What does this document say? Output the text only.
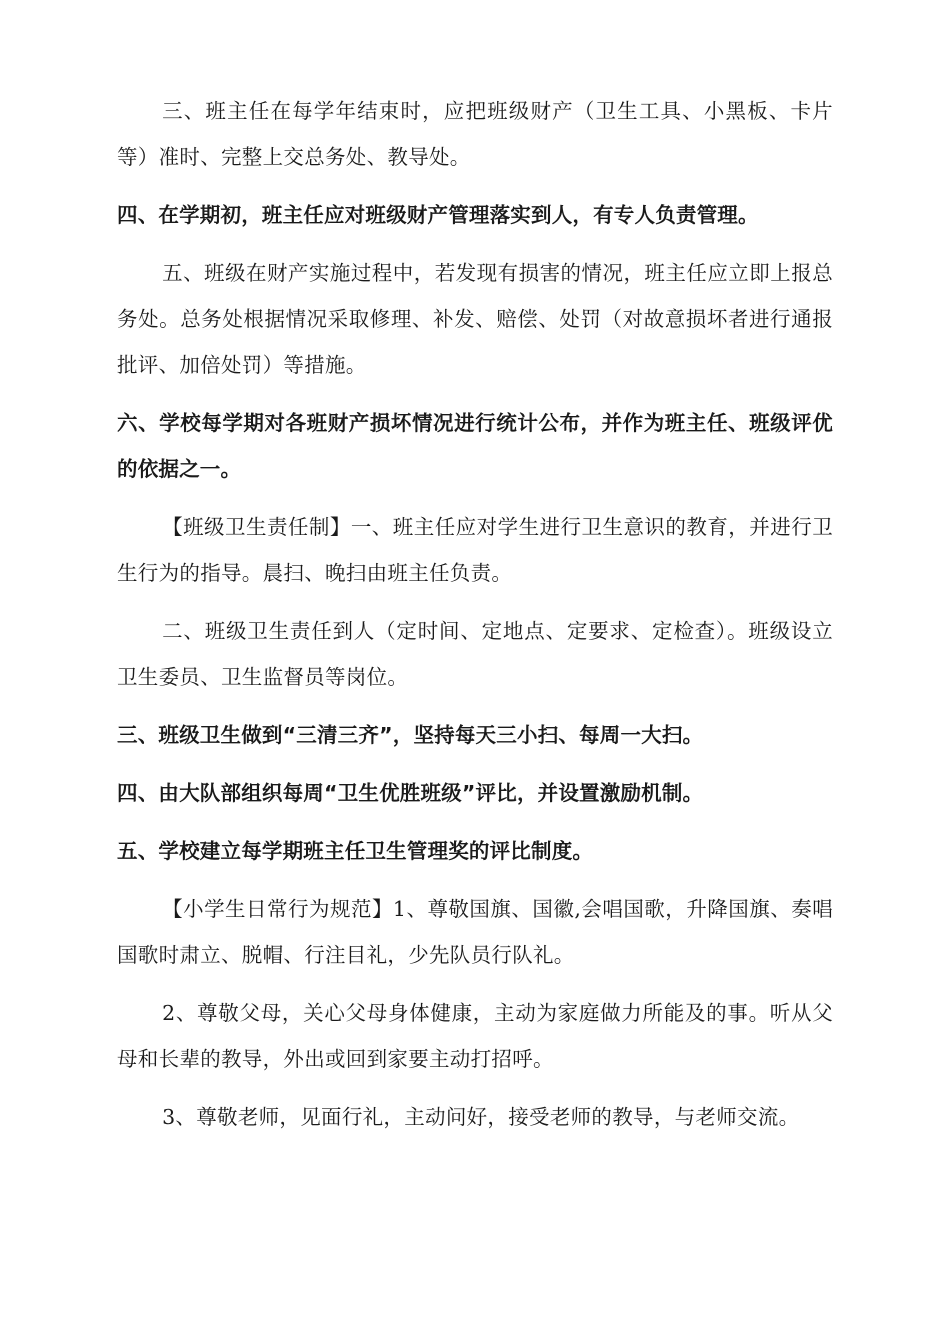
三、班主任在每学年结束时，应把班级财产（卫生工具、小黑板、卡片等）准时、完整上交总务处、教导处。

四、在学期初，班主任应对班级财产管理落实到人，有专人负责管理。

五、班级在财产实施过程中，若发现有损害的情况，班主任应立即上报总务处。总务处根据情况采取修理、补发、赔偿、处罚（对故意损坏者进行通报批评、加倍处罚）等措施。

六、学校每学期对各班财产损坏情况进行统计公布，并作为班主任、班级评优的依据之一。

【班级卫生责任制】一、班主任应对学生进行卫生意识的教育，并进行卫生行为的指导。晨扫、晚扫由班主任负责。

二、班级卫生责任到人（定时间、定地点、定要求、定检查）。班级设立卫生委员、卫生监督员等岗位。

三、班级卫生做到“三清三齐”，坚持每天三小扫、每周一大扫。

四、由大队部组织每周“卫生优胜班级”评比，并设置激励机制。

五、学校建立每学期班主任卫生管理奖的评比制度。

【小学生日常行为规范】1、尊敬国旗、国徽,会唱国歌，升降国旗、奏唱国歌时肃立、脱帽、行注目礼，少先队员行队礼。

2、尊敬父母，关心父母身体健康，主动为家庭做力所能及的事。听从父母和长辈的教导，外出或回到家要主动打招呼。

3、尊敬老师，见面行礼，主动问好，接受老师的教导，与老师交流。
